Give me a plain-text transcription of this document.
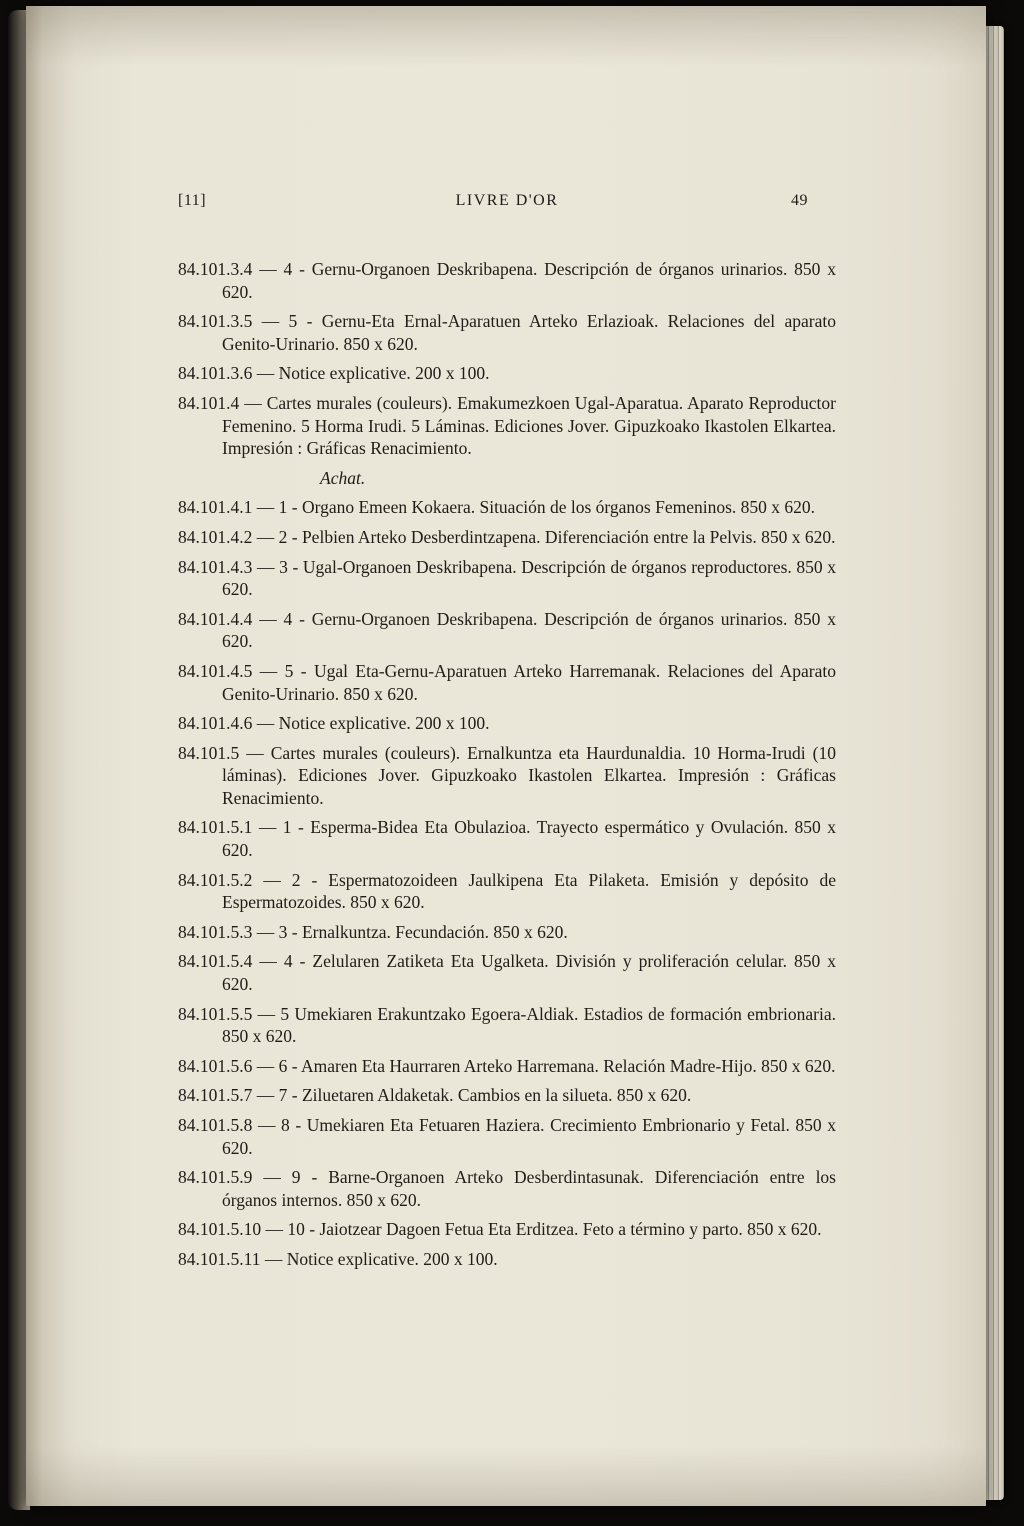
[11]	LIVRE D'OR	49

84.101.3.4 — 4 - Gernu-Organoen Deskribapena. Descripción de órganos urinarios. 850 x 620.

84.101.3.5 — 5 - Gernu-Eta Ernal-Aparatuen Arteko Erlazioak. Relaciones del aparato Genito-Urinario. 850 x 620.

84.101.3.6 — Notice explicative. 200 x 100.

84.101.4 — Cartes murales (couleurs). Emakumezkoen Ugal-Aparatua. Aparato Reproductor Femenino. 5 Horma Irudi. 5 Láminas. Ediciones Jover. Gipuzkoako Ikastolen Elkartea. Impresión : Gráficas Renacimiento.

Achat.

84.101.4.1 — 1 - Organo Emeen Kokaera. Situación de los órganos Femeninos. 850 x 620.

84.101.4.2 — 2 - Pelbien Arteko Desberdintzapena. Diferenciación entre la Pelvis. 850 x 620.

84.101.4.3 — 3 - Ugal-Organoen Deskribapena. Descripción de órganos reproductores. 850 x 620.

84.101.4.4 — 4 - Gernu-Organoen Deskribapena. Descripción de órganos urinarios. 850 x 620.

84.101.4.5 — 5 - Ugal Eta-Gernu-Aparatuen Arteko Harremanak. Relaciones del Aparato Genito-Urinario. 850 x 620.

84.101.4.6 — Notice explicative. 200 x 100.

84.101.5 — Cartes murales (couleurs). Ernalkuntza eta Haurdunaldia. 10 Horma-Irudi (10 láminas). Ediciones Jover. Gipuzkoako Ikastolen Elkartea. Impresión : Gráficas Renacimiento.

84.101.5.1 — 1 - Esperma-Bidea Eta Obulazioa. Trayecto espermático y Ovulación. 850 x 620.

84.101.5.2 — 2 - Espermatozoideen Jaulkipena Eta Pilaketa. Emisión y depósito de Espermatozoides. 850 x 620.

84.101.5.3 — 3 - Ernalkuntza. Fecundación. 850 x 620.

84.101.5.4 — 4 - Zelularen Zatiketa Eta Ugalketa. División y proliferación celular. 850 x 620.

84.101.5.5 — 5 Umekiaren Erakuntzako Egoera-Aldiak. Estadios de formación embrionaria. 850 x 620.

84.101.5.6 — 6 - Amaren Eta Haurraren Arteko Harremana. Relación Madre-Hijo. 850 x 620.

84.101.5.7 — 7 - Ziluetaren Aldaketak. Cambios en la silueta. 850 x 620.

84.101.5.8 — 8 - Umekiaren Eta Fetuaren Haziera. Crecimiento Embrionario y Fetal. 850 x 620.

84.101.5.9 — 9 - Barne-Organoen Arteko Desberdintasunak. Diferenciación entre los órganos internos. 850 x 620.

84.101.5.10 — 10 - Jaiotzear Dagoen Fetua Eta Erditzea. Feto a término y parto. 850 x 620.

84.101.5.11 — Notice explicative. 200 x 100.
